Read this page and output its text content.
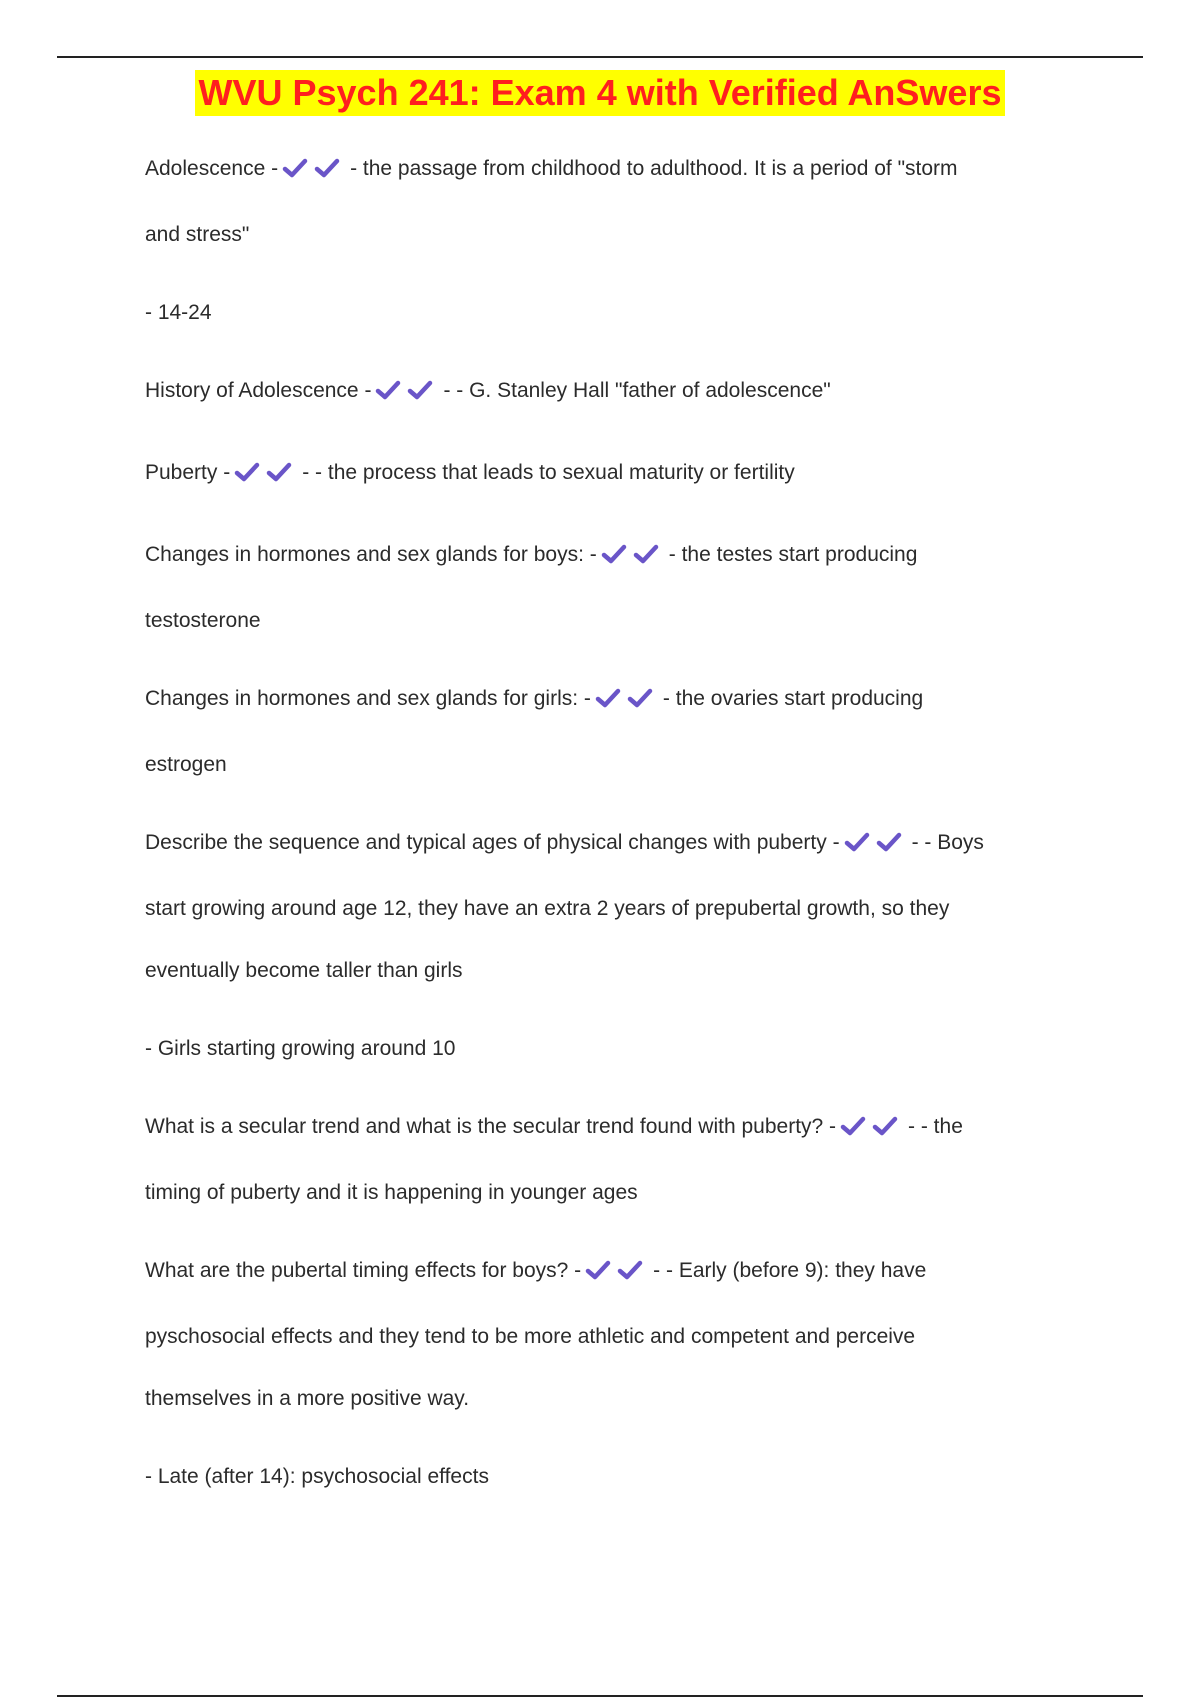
WVU Psych 241: Exam 4 with Verified AnSwers
Adolescence -	- the passage from childhood to adulthood. It is a period of "storm
and stress"
- 14-24
History of Adolescence -	- - G. Stanley Hall "father of adolescence"
Puberty -	- - the process that leads to sexual maturity or fertility
Changes in hormones and sex glands for boys: -	- the testes start producing
testosterone
Changes in hormones and sex glands for girls: -	- the ovaries start producing
estrogen
Describe the sequence and typical ages of physical changes with puberty -	- - Boys
start growing around age 12, they have an extra 2 years of prepubertal growth, so they
eventually become taller than girls
- Girls starting growing around 10
What is a secular trend and what is the secular trend found with puberty? -	- - the
timing of puberty and it is happening in younger ages
What are the pubertal timing effects for boys? -	- - Early (before 9): they have
pyschosocial effects and they tend to be more athletic and competent and perceive
themselves in a more positive way.
- Late (after 14): psychosocial effects
